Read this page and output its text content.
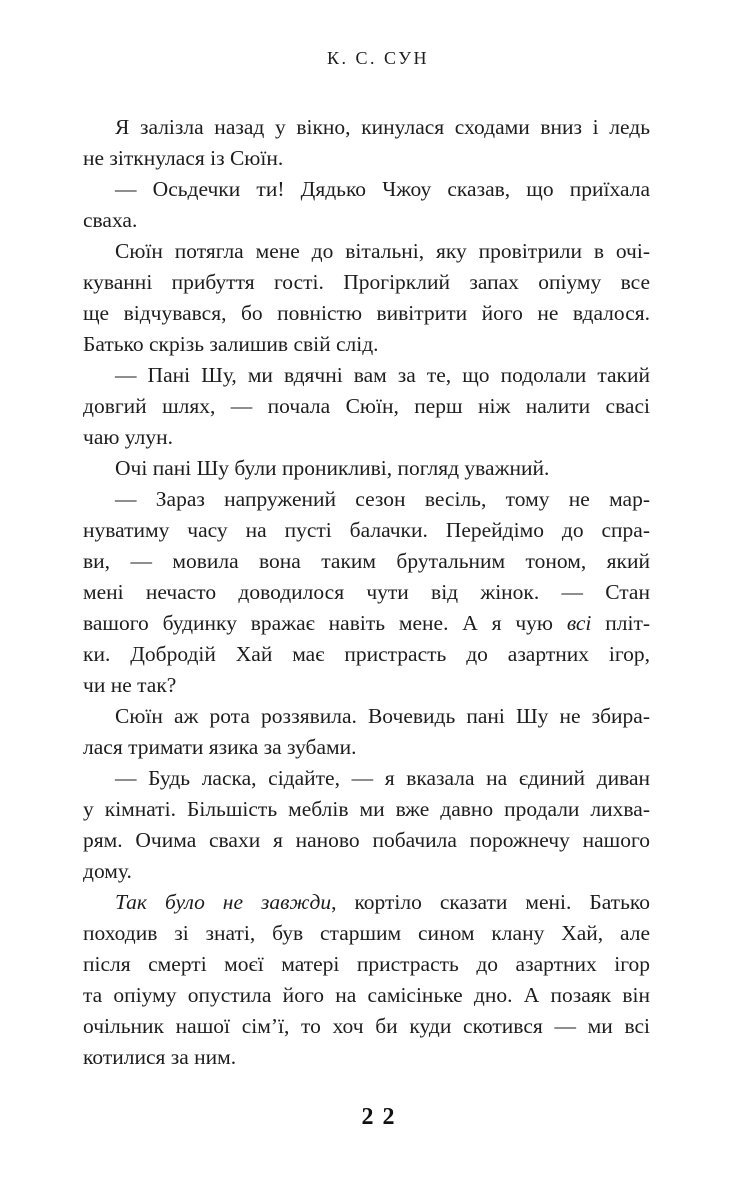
К. С. СУН
Я залізла назад у вікно, кинулася сходами вниз і ледь
не зіткнулася із Сюїн.
— Осьдечки ти! Дядько Чжоу сказав, що приїхала
сваха.
Сюїн потягла мене до вітальні, яку провітрили в очі-
куванні прибуття гості. Прогірклий запах опіуму все
ще відчувався, бо повністю вивітрити його не вдалося.
Батько скрізь залишив свій слід.
— Пані Шу, ми вдячні вам за те, що подолали такий
довгий шлях, — почала Сюїн, перш ніж налити свасі
чаю улун.
Очі пані Шу були проникливі, погляд уважний.
— Зараз напружений сезон весіль, тому не мар-
нуватиму часу на пусті балачки. Перейдімо до спра-
ви, — мовила вона таким брутальним тоном, який
мені нечасто доводилося чути від жінок. — Стан
вашого будинку вражає навіть мене. А я чую всі пліт-
ки. Добродій Хай має пристрасть до азартних ігор,
чи не так?
Сюїн аж рота роззявила. Вочевидь пані Шу не збира-
лася тримати язика за зубами.
— Будь ласка, сідайте, — я вказала на єдиний диван
у кімнаті. Більшість меблів ми вже давно продали лихва-
рям. Очима свахи я наново побачила порожнечу нашого
дому.
Так було не завжди, кортіло сказати мені. Батько
походив зі знаті, був старшим сином клану Хай, але
після смерті моєї матері пристрасть до азартних ігор
та опіуму опустила його на самісіньке дно. А позаяк він
очільник нашої сім’ї, то хоч би куди скотився — ми всі
котилися за ним.
22
